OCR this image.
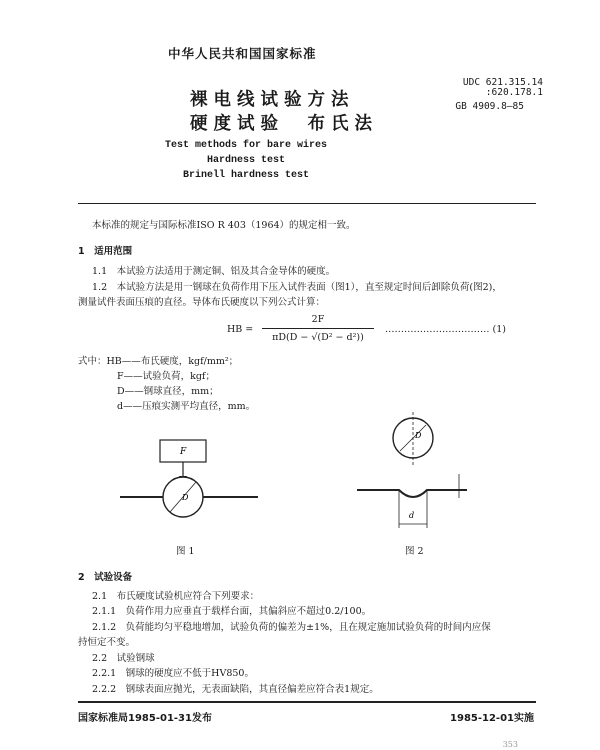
中华人民共和国国家标准
裸电线试验方法
硬度试验　布氏法
UDC 621.315.14
:620.178.1
GB 4909.8—85
Test methods for bare wires
Hardness test
Brinell hardness test
本标准的规定与国际标准ISO R 403（1964）的规定相一致。
1　适用范围
1.1　本试验方法适用于测定铜、铝及其合金导体的硬度。
1.2　本试验方法是用一钢球在负荷作用下压入试件表面（图1），直至规定时间后卸除负荷(图2)，
测量试件表面压痕的直径。导体布氏硬度以下列公式计算：
HB =
2F
πD(D − √(D² − d²))
…………………………… (1)
式中：HB——布氏硬度，kgf/mm²；
F——试验负荷，kgf；
D——钢球直径，mm；
d——压痕实测平均直径，mm。
F
D
D
d
图 1	图 2
2　试验设备
2.1　布氏硬度试验机应符合下列要求：
2.1.1　负荷作用力应垂直于载样台面，其偏斜应不超过0.2/100。
2.1.2　负荷能均匀平稳地增加，试验负荷的偏差为±1%，且在规定施加试验负荷的时间内应保
持恒定不变。
2.2　试验钢球
2.2.1　钢球的硬度应不低于HV850。
2.2.2　钢球表面应抛光，无表面缺陷，其直径偏差应符合表1规定。
国家标准局1985-01-31发布	1985-12-01实施
353
